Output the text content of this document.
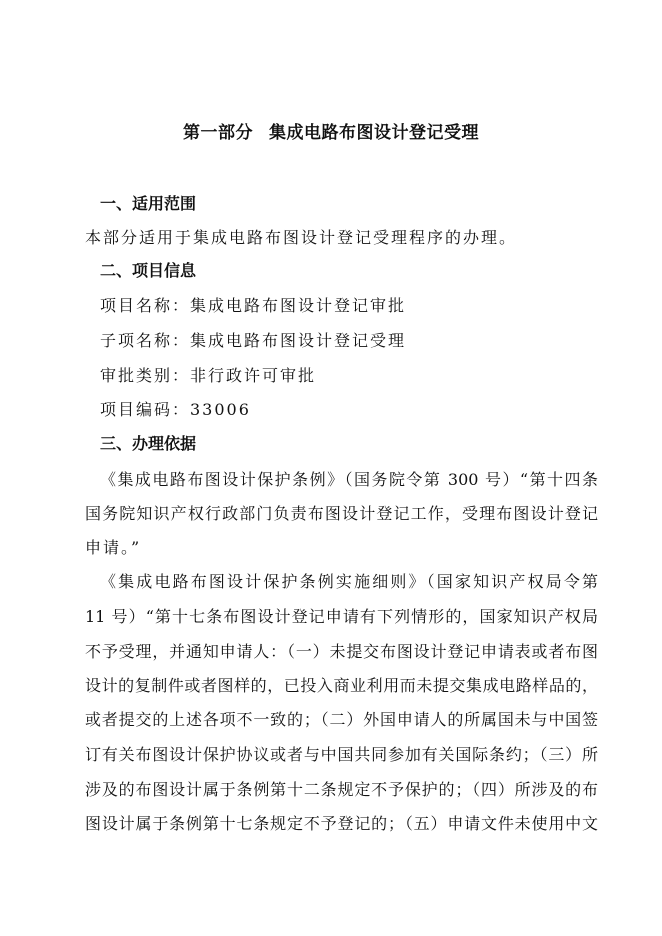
第一部分 集成电路布图设计登记受理
一、适用范围
本部分适用于集成电路布图设计登记受理程序的办理。
二、项目信息
项目名称：集成电路布图设计登记审批
子项名称：集成电路布图设计登记受理
审批类别：非行政许可审批
项目编码：33006
三、办理依据
《集成电路布图设计保护条例》（国务院令第 300 号）“第十四条
国务院知识产权行政部门负责布图设计登记工作，受理布图设计登记
申请。”
《集成电路布图设计保护条例实施细则》（国家知识产权局令第
11 号）“第十七条布图设计登记申请有下列情形的，国家知识产权局
不予受理，并通知申请人：（一）未提交布图设计登记申请表或者布图
设计的复制件或者图样的，已投入商业利用而未提交集成电路样品的，
或者提交的上述各项不一致的；（二）外国申请人的所属国未与中国签
订有关布图设计保护协议或者与中国共同参加有关国际条约；（三）所
涉及的布图设计属于条例第十二条规定不予保护的；（四）所涉及的布
图设计属于条例第十七条规定不予登记的；（五）申请文件未使用中文
